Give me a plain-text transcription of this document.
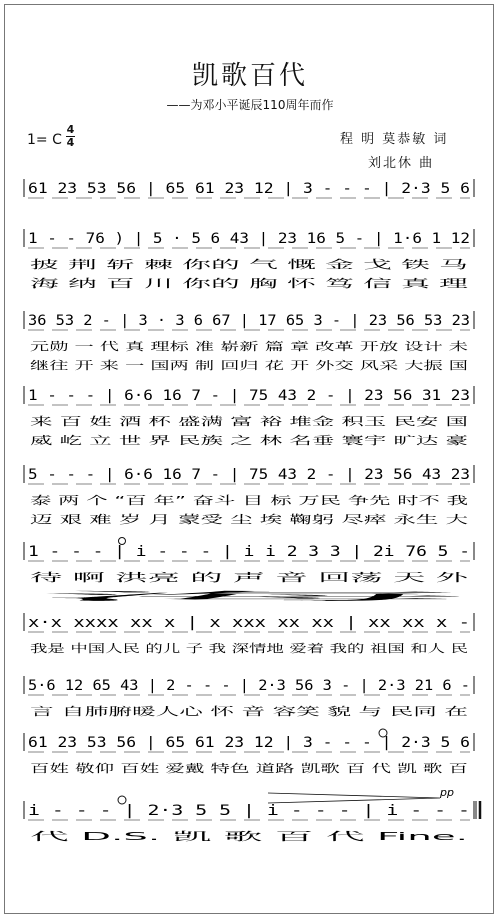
凯歌百代
——为邓小平诞辰110周年而作
1= C
4
4	程 明 莫恭敏 词
刘北休 曲
61 23 53 56 | 65 61 23 12 | 3 - - - | 2·3 5 6
1 - - 76 ) | 5 · 5 6 43 | 23 16 5 - | 1·6 1 12
披 荆 斩 棘 你的 气 慨 金 戈 铁 马
海 纳 百 川 你的 胸 怀 笃 信 真 理
36 53 2 - | 3 · 3 6 67 | 17 65 3 - | 23 56 53 23
元勋 一 代 真 理标 准 崭新 篇 章 改革 开放 设计 未
继往 开 来 一 国两 制 回归 花 开 外交 风采 大振 国
1 - - - | 6·6 16 7 - | 75 43 2 - | 23 56 31 23
来 百 姓 酒 杯 盛满 富 裕 堆金 积玉 民安 国
威 屹 立 世 界 民族 之 林 名垂 寰宇 旷达 豪
5 - - - | 6·6 16 7 - | 75 43 2 - | 23 56 43 23
泰 两 个 “百 年” 奋斗 目 标 万民 争先 时不 我
迈 艰 难 岁 月 蒙受 尘 埃 鞠躬 尽瘁 永生 大
1 - - - | i - - - | i i 2 3 3 | 2i 76 5 -
待 啊 洪亮 的 声 音 回荡 天 外
海
x·x xxxx xx x | x xxx xx xx | xx xx x -
我是 中国人民 的儿 子 我 深情地 爱着 我的 祖国 和人 民
5·6 12 65 43 | 2 - - - | 2·3 56 3 - | 2·3 21 6 -
言 自肺腑暖人心 怀 音 容笑 貌 与 民同 在
61 23 53 56 | 65 61 23 12 | 3 - - - | 2·3 5 6
百姓 敬仰 百姓 爱戴 特色 道路 凯歌 百 代 凯 歌 百
i - - - | 2·3 5 5 | i - - - | i - - -
代 D.S. 凯 歌 百 代 Fine.
pp
